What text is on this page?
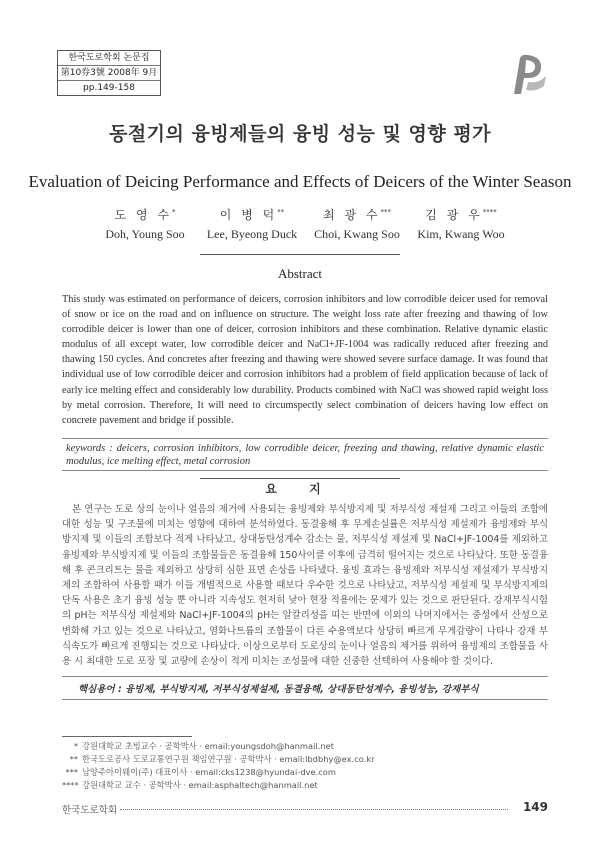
한국도로학회 논문집
第10券3號 2008年 9月
pp.149-158
동절기의 융빙제들의 융빙 성능 및 영향 평가
Evaluation of Deicing Performance and Effects of Deicers of the Winter Season
도 영 수*
Doh, Young Soo
이 병 덕**
Lee, Byeong Duck
최 광 수***
Choi, Kwang Soo
김 광 우****
Kim, Kwang Woo
Abstract
This study was estimated on performance of deicers, corrosion inhibitors and low corrodible deicer used for removal of snow or ice on the road and on influence on structure. The weight loss rate after freezing and thawing of low corrodible deicer is lower than one of deicer, corrosion inhibitors and these combination. Relative dynamic elastic modulus of all except water, low corrodible deicer and NaCl+JF-1004 was radically reduced after freezing and thawing 150 cycles. And concretes after freezing and thawing were showed severe surface damage. It was found that individual use of low corrodible deicer and corrosion inhibitors had a problem of field application because of lack of early ice melting effect and considerably low durability. Products combined with NaCl was showed rapid weight loss by metal corrosion. Therefore, It will need to circumspectly select combination of deicers having low effect on concrete pavement and bridge if possible.
keywords : deicers, corrosion inhibitors, low corrodible deicer, freezing and thawing, relative dynamic elastic modulus, ice melting effect, metal corrosion
요 지

본 연구는 도로 상의 눈이나 얼음의 제거에 사용되는 융빙제와 부식방지제 및 저부식성 제설제 그리고 이들의 조합에 대한 성능 및 구조물에 미치는 영향에 대하여 분석하였다. 동결융해 후 무게손실률은 저부식성 제설제가 융빙제와 부식방지제 및 이들의 조합보다 적게 나타났고, 상대동탄성계수 감소는 물, 저부식성 제설제 및 NaCl+JF-1004를 제외하고 융빙제와 부식방지제 및 이들의 조합물들은 동결융해 150사이클 이후에 급격히 떨어지는 것으로 나타났다. 또한 동결융해 후 콘크리트는 물을 제외하고 상당히 심한 표면 손상을 나타냈다. 융빙 효과는 융빙제와 저부식성 제설제가 부식방지제의 조합하여 사용할 때가 이들 개별적으로 사용할 때보다 우수한 것으로 나타났고, 저부식성 제설제 및 부식방지제의 단독 사용은 초기 융빙 성능 뿐 아니라 지속성도 현저히 낮아 현장 적용에는 문제가 있는 것으로 판단된다. 강재부식시험의 pH는 저부식성 제설제와 NaCl+JF-1004의 pH는 알칼리성을 띠는 반면에 이외의 나머지에서는 중성에서 산성으로 변화해 가고 있는 것으로 나타났고, 염화나트륨의 조합물이 다른 수용액보다 상당히 빠르게 무게감량이 나타나 강재 부식속도가 빠르게 진행되는 것으로 나타났다. 이상으로부터 도로상의 눈이나 얼음의 제거를 위하여 융빙제의 조합물을 사용 시 최대한 도로 포장 및 교량에 손상이 적게 미치는 조성물에 대한 신중한 선택하여 사용해야 할 것이다.

핵심용어 : 융빙제, 부식방지제, 저부식성제설제, 동결융해, 상대동탄성계수, 융빙성능, 강재부식
* 강원대학교 초빙교수 · 공학박사 · email:youngsdoh@hanmail.net
** 한국도로공사 도로교통연구원 책임연구원 · 공학박사 · email:lbdbhy@ex.co.kr
*** 남양주아이웨이(주) 대표이사 · email:cks1238@hyundai-dve.com
**** 강원대학교 교수 · 공학박사 · email:asphaltech@hanmail.net
한국도로학회	149
